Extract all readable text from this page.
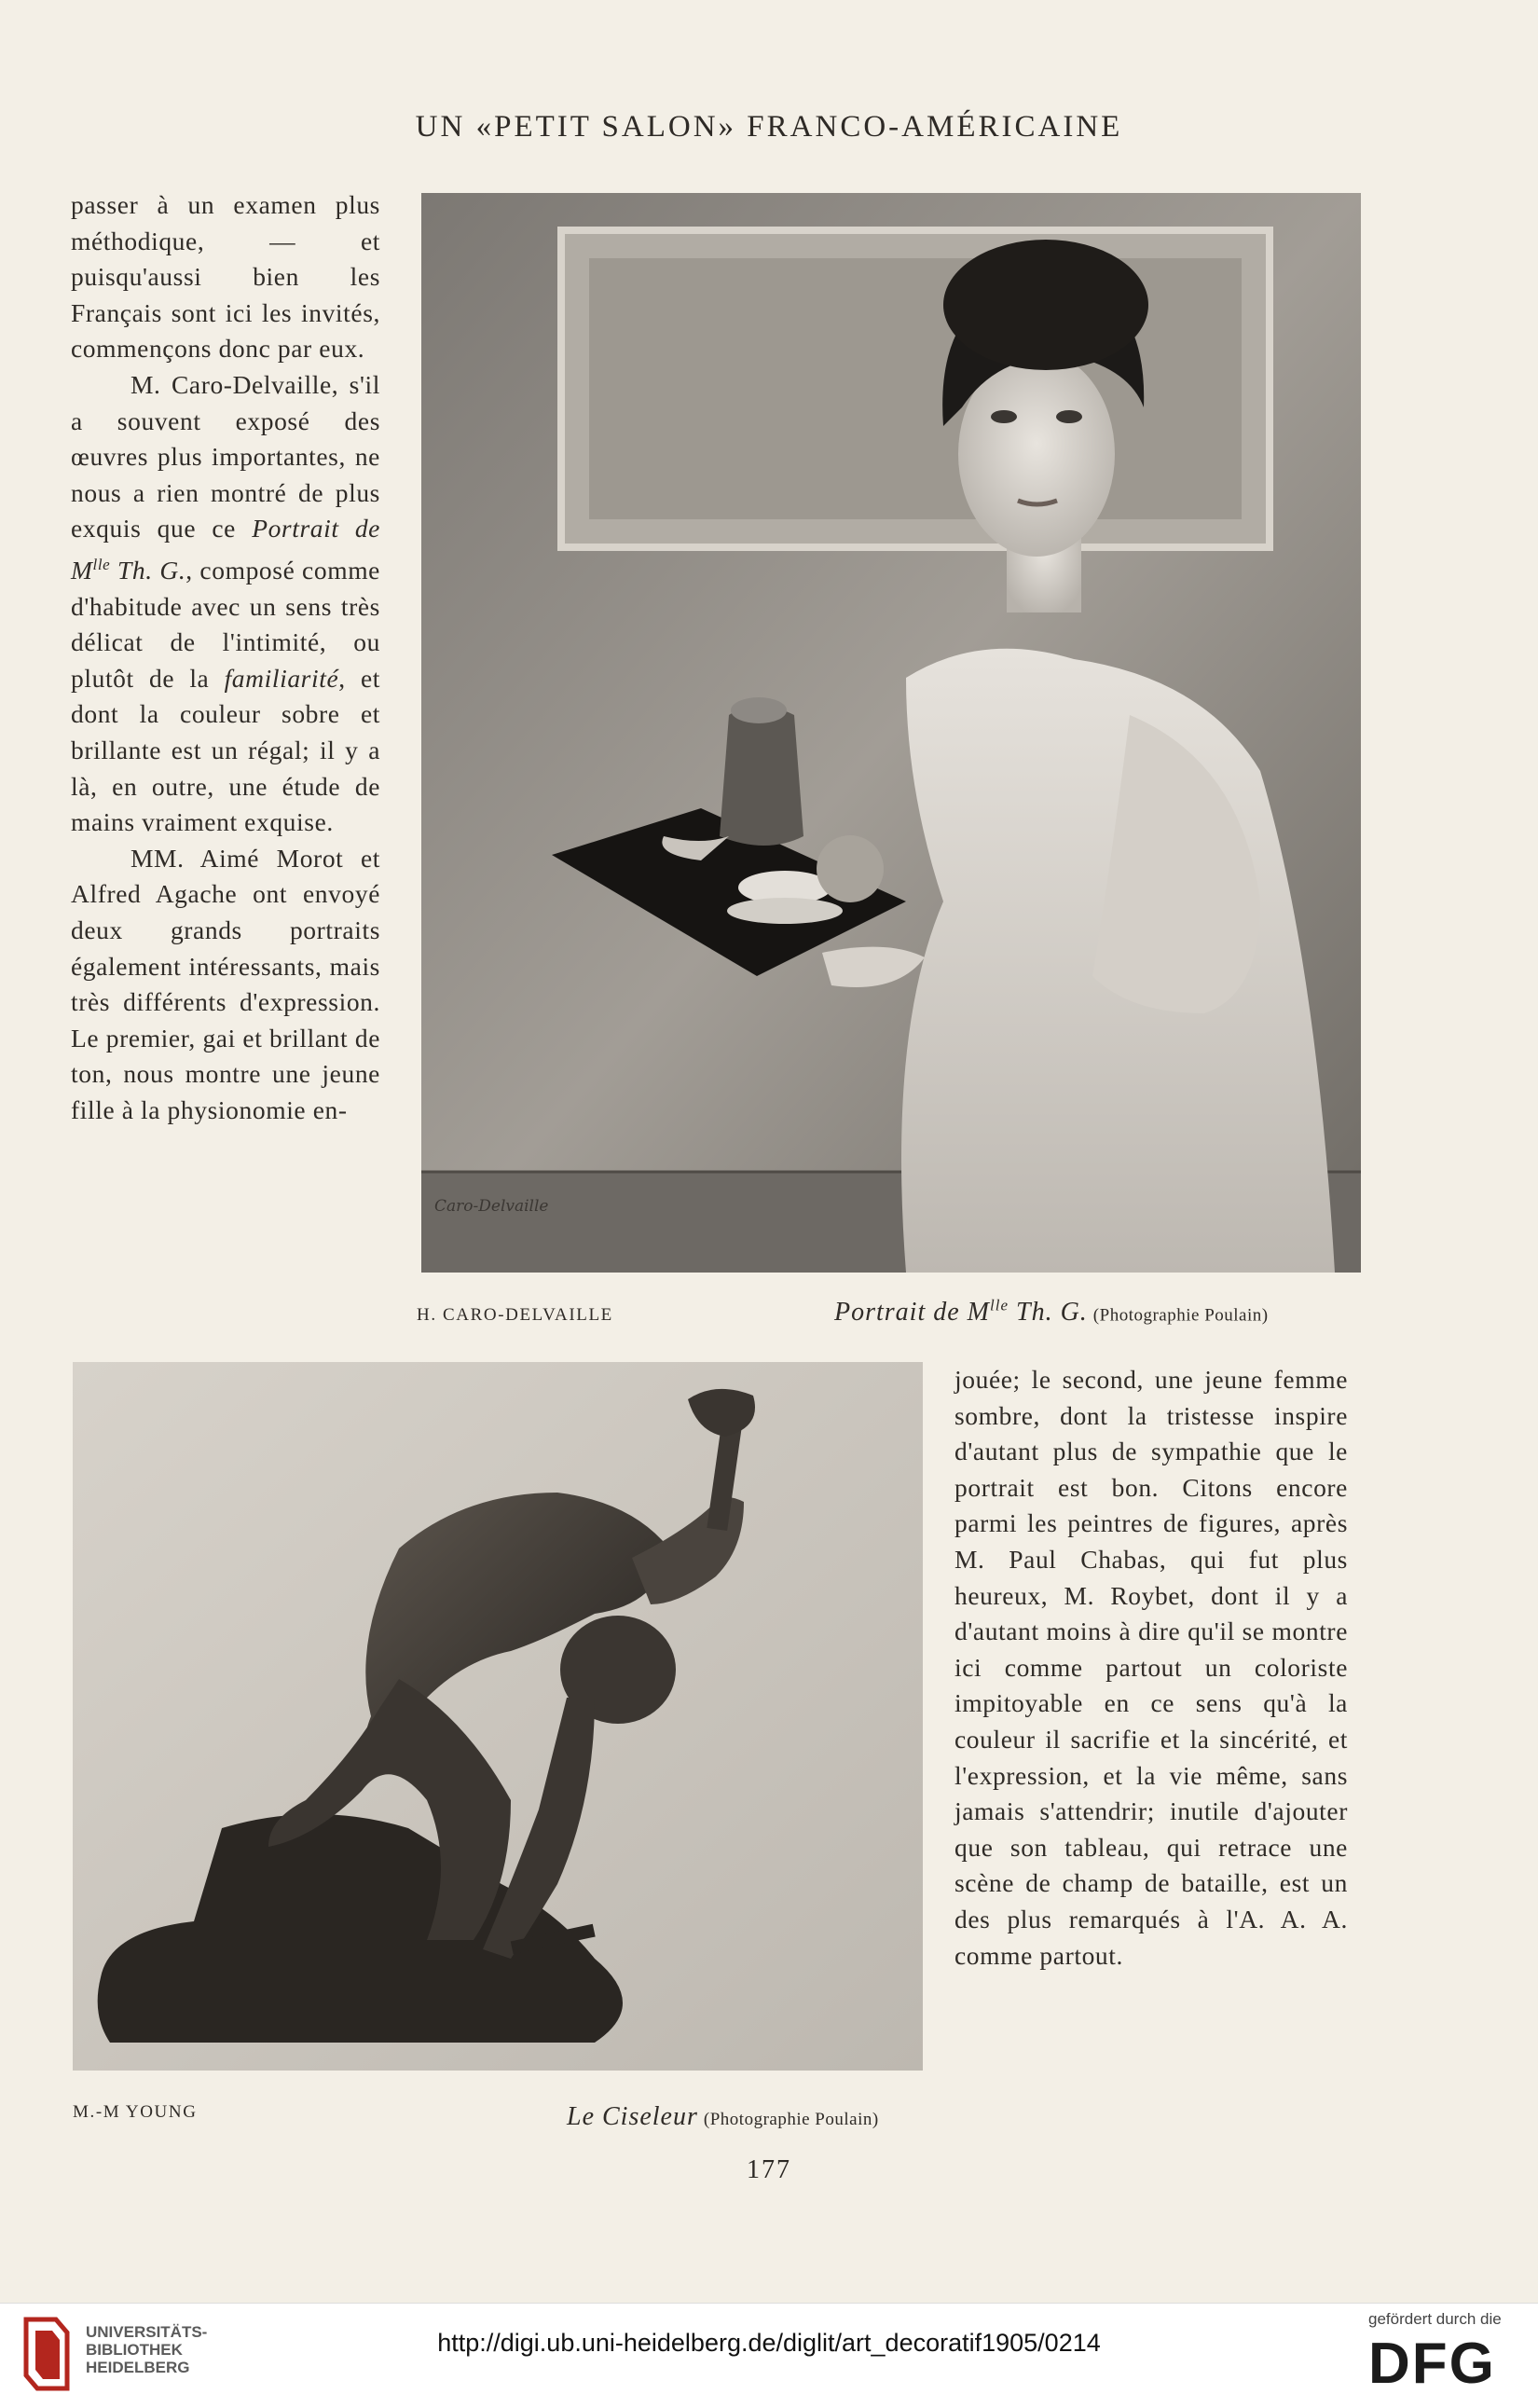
UN «PETIT SALON» FRANCO-AMÉRICAINE

passer à un examen plus méthodique, — et puisqu'aussi bien les Français sont ici les invités, commençons donc par eux.

M. Caro-Delvaille, s'il a souvent exposé des œuvres plus importantes, ne nous a rien montré de plus exquis que ce Portrait de $M^{lle}$ Th. G., composé comme d'habitude avec un sens très délicat de l'intimité, ou plutôt de la familiarité, et dont la couleur sobre et brillante est un régal; il y a là, en outre, une étude de mains vraiment exquise.

MM. Aimé Morot et Alfred Agache ont envoyé deux grands portraits également intéressants, mais très différents d'expression. Le premier, gai et brillant de ton, nous montre une jeune fille à la physionomie en-

Caro-Delvaille
H. CARO-DELVAILLE	Portrait de $M^{lle}$ Th. G. (Photographie Poulain)
M.-M YOUNG	Le Ciseleur (Photographie Poulain)

jouée; le second, une jeune femme sombre, dont la tristesse inspire d'autant plus de sympathie que le portrait est bon. Citons encore parmi les peintres de figures, après M. Paul Chabas, qui fut plus heureux, M. Roybet, dont il y a d'autant moins à dire qu'il se montre ici comme partout un coloriste impitoyable en ce sens qu'à la couleur il sacrifie et la sincérité, et l'expression, et la vie même, sans jamais s'attendrir; inutile d'ajouter que son tableau, qui retrace une scène de champ de bataille, est un des plus remarqués à l'A. A. A. comme partout.

177
UNIVERSITÄTS-
BIBLIOTHEK
HEIDELBERG
http://digi.ub.uni-heidelberg.de/diglit/art_decoratif1905/0214
gefördert durch die
DFG
